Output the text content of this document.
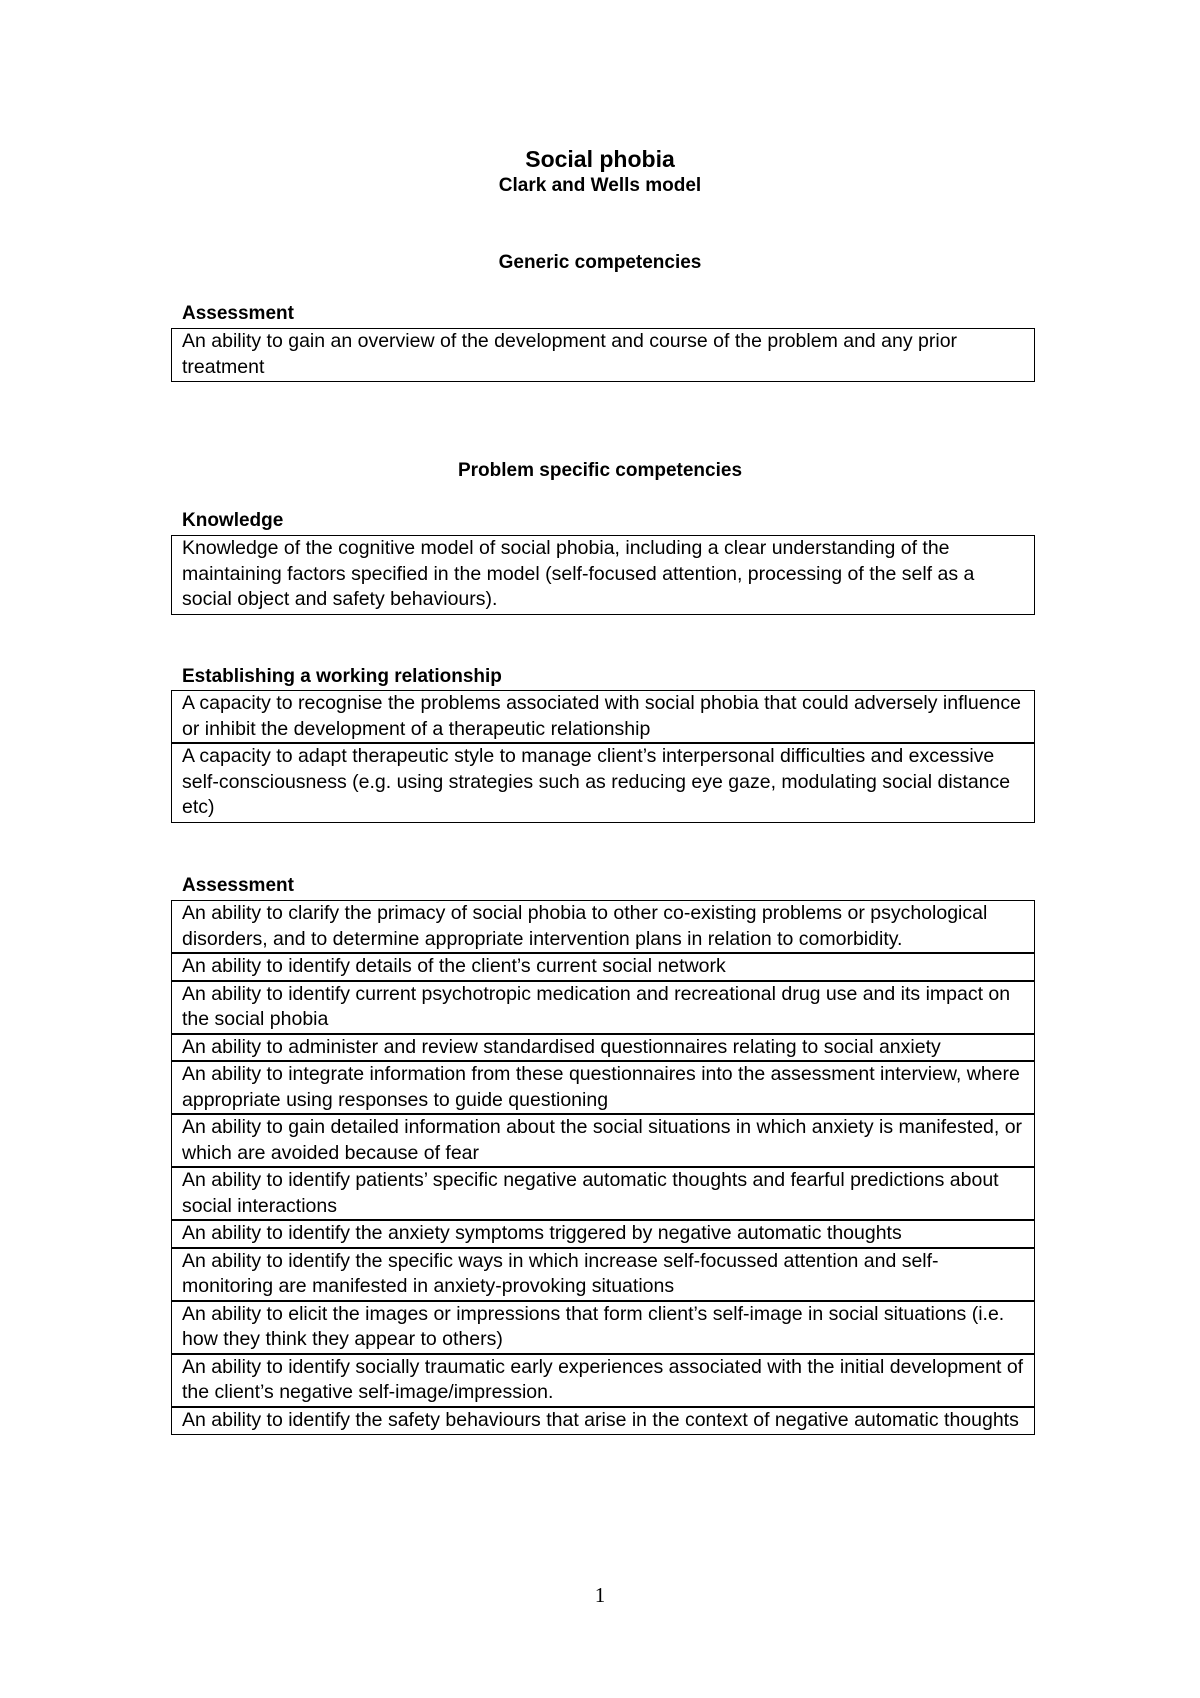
Social phobia
Clark and Wells model
Generic competencies
Assessment
An ability to gain an overview of the development and course of the problem and any prior treatment
Problem specific competencies
Knowledge
Knowledge of the cognitive model of social phobia, including a clear understanding of the maintaining factors specified in the model (self-focused attention, processing of the self as a social object and safety behaviours).
Establishing a working relationship
A capacity to recognise the problems associated with social phobia that could adversely influence or inhibit the development of a therapeutic relationship
A capacity to adapt therapeutic style to manage client’s interpersonal difficulties and excessive self-consciousness (e.g. using strategies such as reducing eye gaze, modulating social distance etc)
Assessment
An ability to clarify the primacy of social phobia to other co-existing problems or psychological disorders, and to determine appropriate intervention plans in relation to comorbidity.
An ability to identify details of the client’s current social network
An ability to identify current psychotropic medication and recreational drug use and its impact on the social phobia
An ability to administer and review standardised questionnaires relating to social anxiety
An ability to integrate information from these questionnaires into the assessment interview, where appropriate using responses to guide questioning
An ability to gain detailed information about the social situations in which anxiety is manifested, or which are avoided because of fear
An ability to identify patients’ specific negative automatic thoughts and fearful predictions about social interactions
An ability to identify the anxiety symptoms triggered by negative automatic thoughts
An ability to identify the specific ways in which increase self-focussed attention and self-monitoring are manifested in anxiety-provoking situations
An ability to elicit the images or impressions that form client’s self-image in social situations (i.e. how they think they appear to others)
An ability to identify socially traumatic early experiences associated with the initial development of the client’s negative self-image/impression.
An ability to identify the safety behaviours that arise in the context of negative automatic thoughts
1
